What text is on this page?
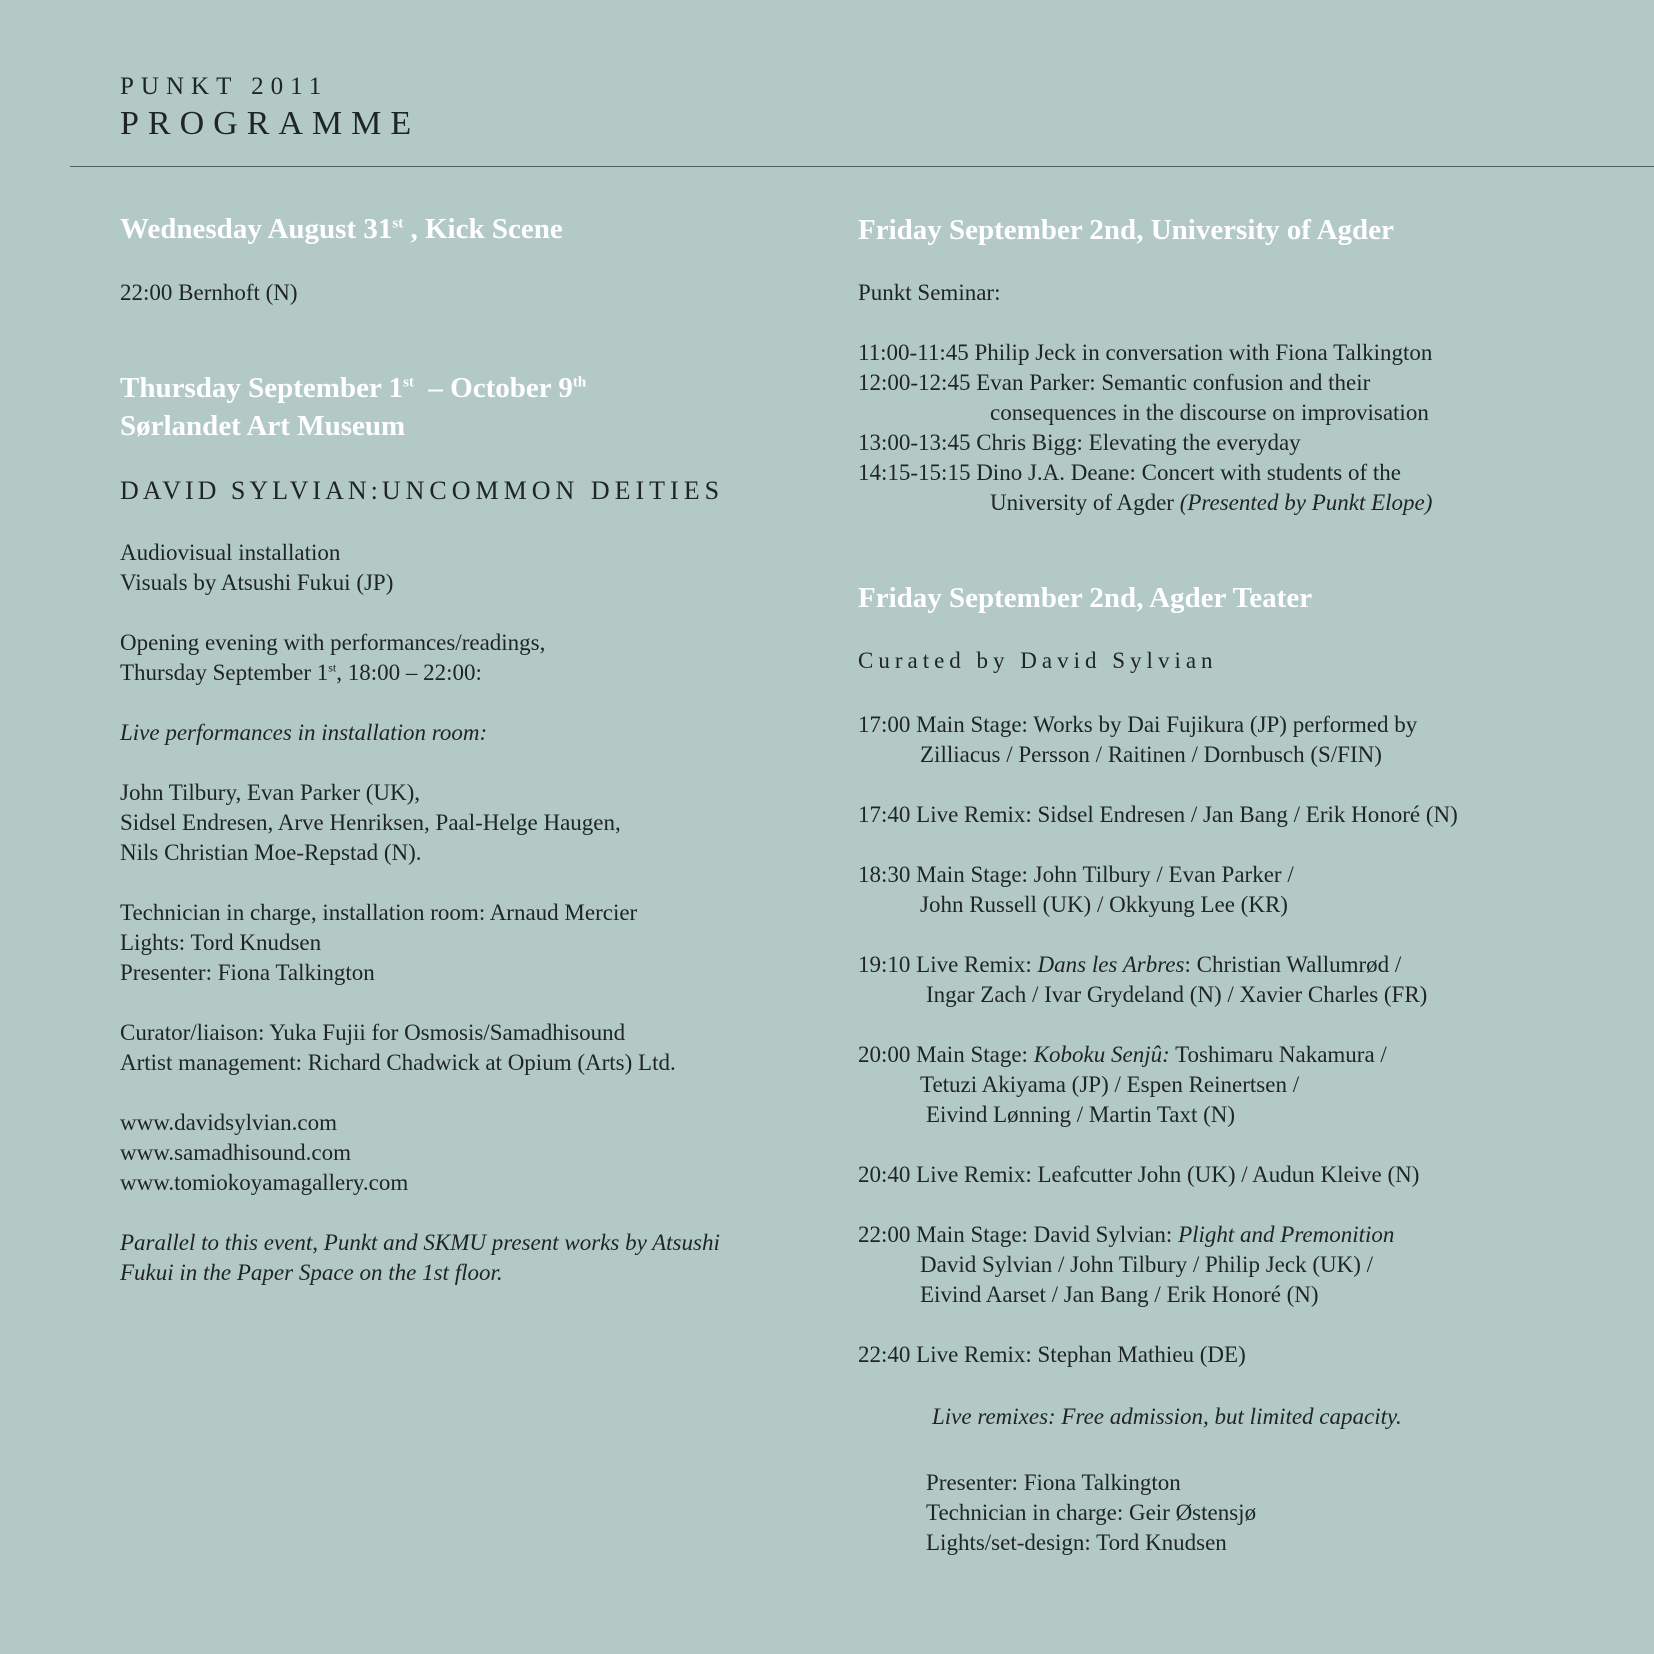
PUNKT 2011
PROGRAMME
Wednesday August 31st , Kick Scene
22:00 Bernhoft (N)
Thursday September 1st  – October 9th
Sørlandet Art Museum
DAVID SYLVIAN:UNCOMMON DEITIES
Audiovisual installation
Visuals by Atsushi Fukui (JP)
Opening evening with performances/readings,
Thursday September 1st, 18:00 – 22:00:
Live performances in installation room:
John Tilbury, Evan Parker (UK),
Sidsel Endresen, Arve Henriksen, Paal-Helge Haugen,
Nils Christian Moe-Repstad (N).
Technician in charge, installation room: Arnaud Mercier
Lights: Tord Knudsen
Presenter: Fiona Talkington
Curator/liaison: Yuka Fujii for Osmosis/Samadhisound
Artist management: Richard Chadwick at Opium (Arts) Ltd.
www.davidsylvian.com
www.samadhisound.com
www.tomiokoyamagallery.com
Parallel to this event, Punkt and SKMU present works by Atsushi
Fukui in the Paper Space on the 1st floor.
Friday September 2nd, University of Agder
Punkt Seminar:
11:00-11:45 Philip Jeck in conversation with Fiona Talkington
12:00-12:45 Evan Parker: Semantic confusion and their
consequences in the discourse on improvisation
13:00-13:45 Chris Bigg: Elevating the everyday
14:15-15:15 Dino J.A. Deane: Concert with students of the
University of Agder (Presented by Punkt Elope)
Friday September 2nd, Agder Teater
Curated by David Sylvian
17:00 Main Stage: Works by Dai Fujikura (JP) performed by
Zilliacus / Persson / Raitinen / Dornbusch (S/FIN)
17:40 Live Remix: Sidsel Endresen / Jan Bang / Erik Honoré (N)
18:30 Main Stage: John Tilbury / Evan Parker /
John Russell (UK) / Okkyung Lee (KR)
19:10 Live Remix: Dans les Arbres: Christian Wallumrød /
Ingar Zach / Ivar Grydeland (N) / Xavier Charles (FR)
20:00 Main Stage: Koboku Senjû: Toshimaru Nakamura /
Tetuzi Akiyama (JP) / Espen Reinertsen /
Eivind Lønning / Martin Taxt (N)
20:40 Live Remix: Leafcutter John (UK) / Audun Kleive (N)
22:00 Main Stage: David Sylvian: Plight and Premonition
David Sylvian / John Tilbury / Philip Jeck (UK) /
Eivind Aarset / Jan Bang / Erik Honoré (N)
22:40 Live Remix: Stephan Mathieu (DE)
Live remixes: Free admission, but limited capacity.
Presenter: Fiona Talkington
Technician in charge: Geir Østensjø
Lights/set-design: Tord Knudsen
